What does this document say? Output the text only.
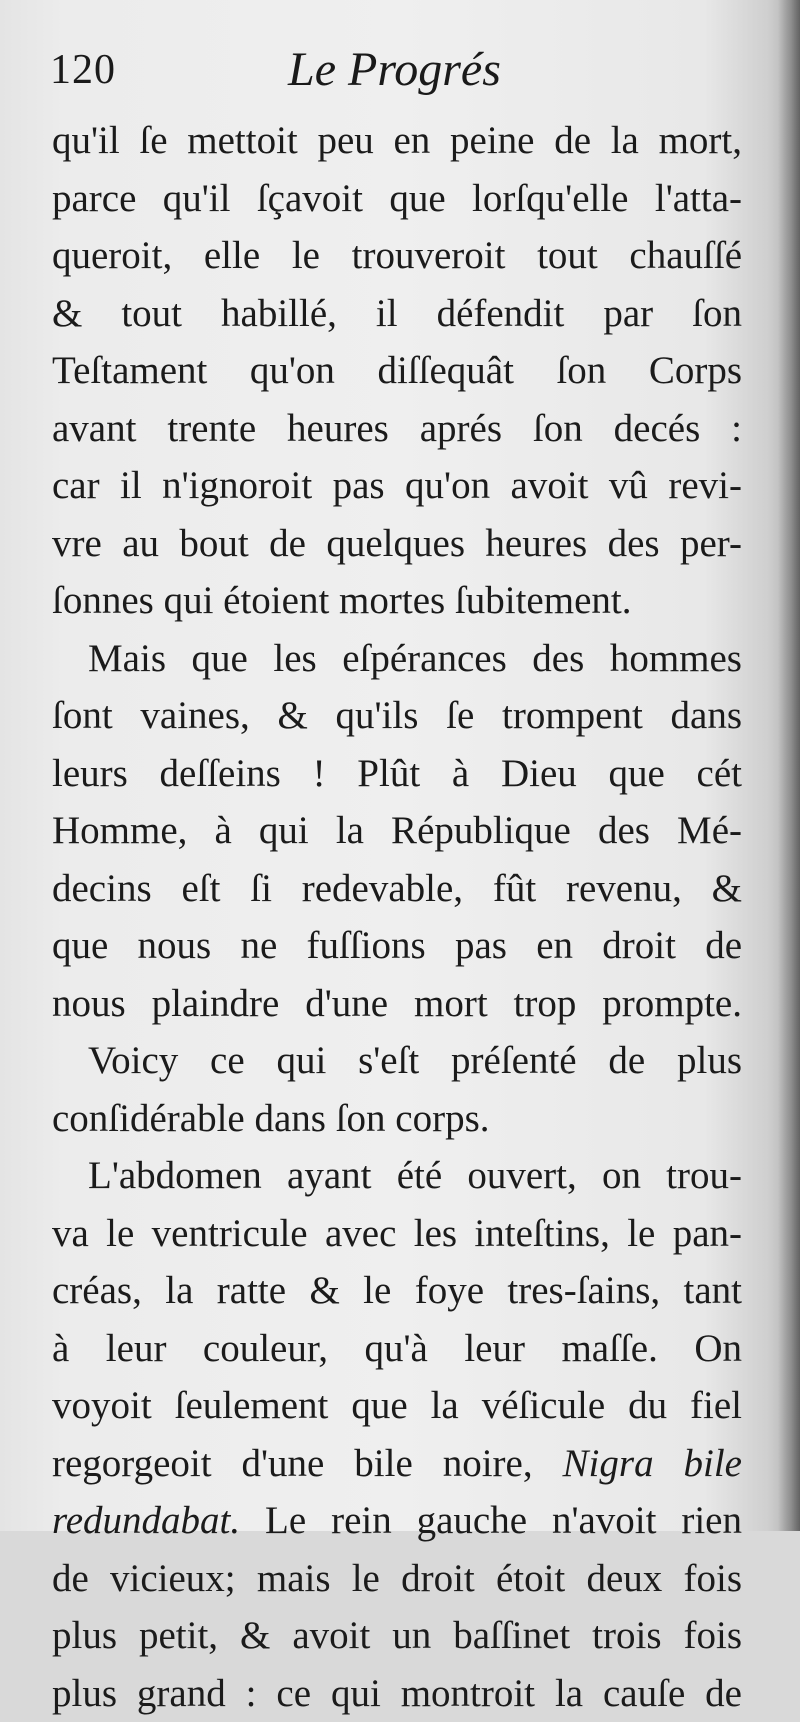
120	Le Progrés
qu'il ſe mettoit peu en peine de la mort,
parce qu'il ſçavoit que lorſqu'elle l'atta-
queroit, elle le trouveroit tout chauſſé
& tout habillé, il défendit par ſon
Teſtament qu'on diſſequât ſon Corps
avant trente heures aprés ſon decés :
car il n'ignoroit pas qu'on avoit vû revi-
vre au bout de quelques heures des per-
ſonnes qui étoient mortes ſubitement.
Mais que les eſpérances des hommes
ſont vaines, & qu'ils ſe trompent dans
leurs deſſeins ! Plût à Dieu que cét
Homme, à qui la République des Mé-
decins eſt ſi redevable, fût revenu, &
que nous ne fuſſions pas en droit de
nous plaindre d'une mort trop prompte.
Voicy ce qui s'eſt préſenté de plus
conſidérable dans ſon corps.
L'abdomen ayant été ouvert, on trou-
va le ventricule avec les inteſtins, le pan-
créas, la ratte & le foye tres-ſains, tant
à leur couleur, qu'à leur maſſe. On
voyoit ſeulement que la véſicule du fiel
regorgeoit d'une bile noire, Nigra bile
redundabat. Le rein gauche n'avoit rien
de vicieux; mais le droit étoit deux fois
plus petit, & avoit un baſſinet trois fois
plus grand : ce qui montroit la cauſe de
